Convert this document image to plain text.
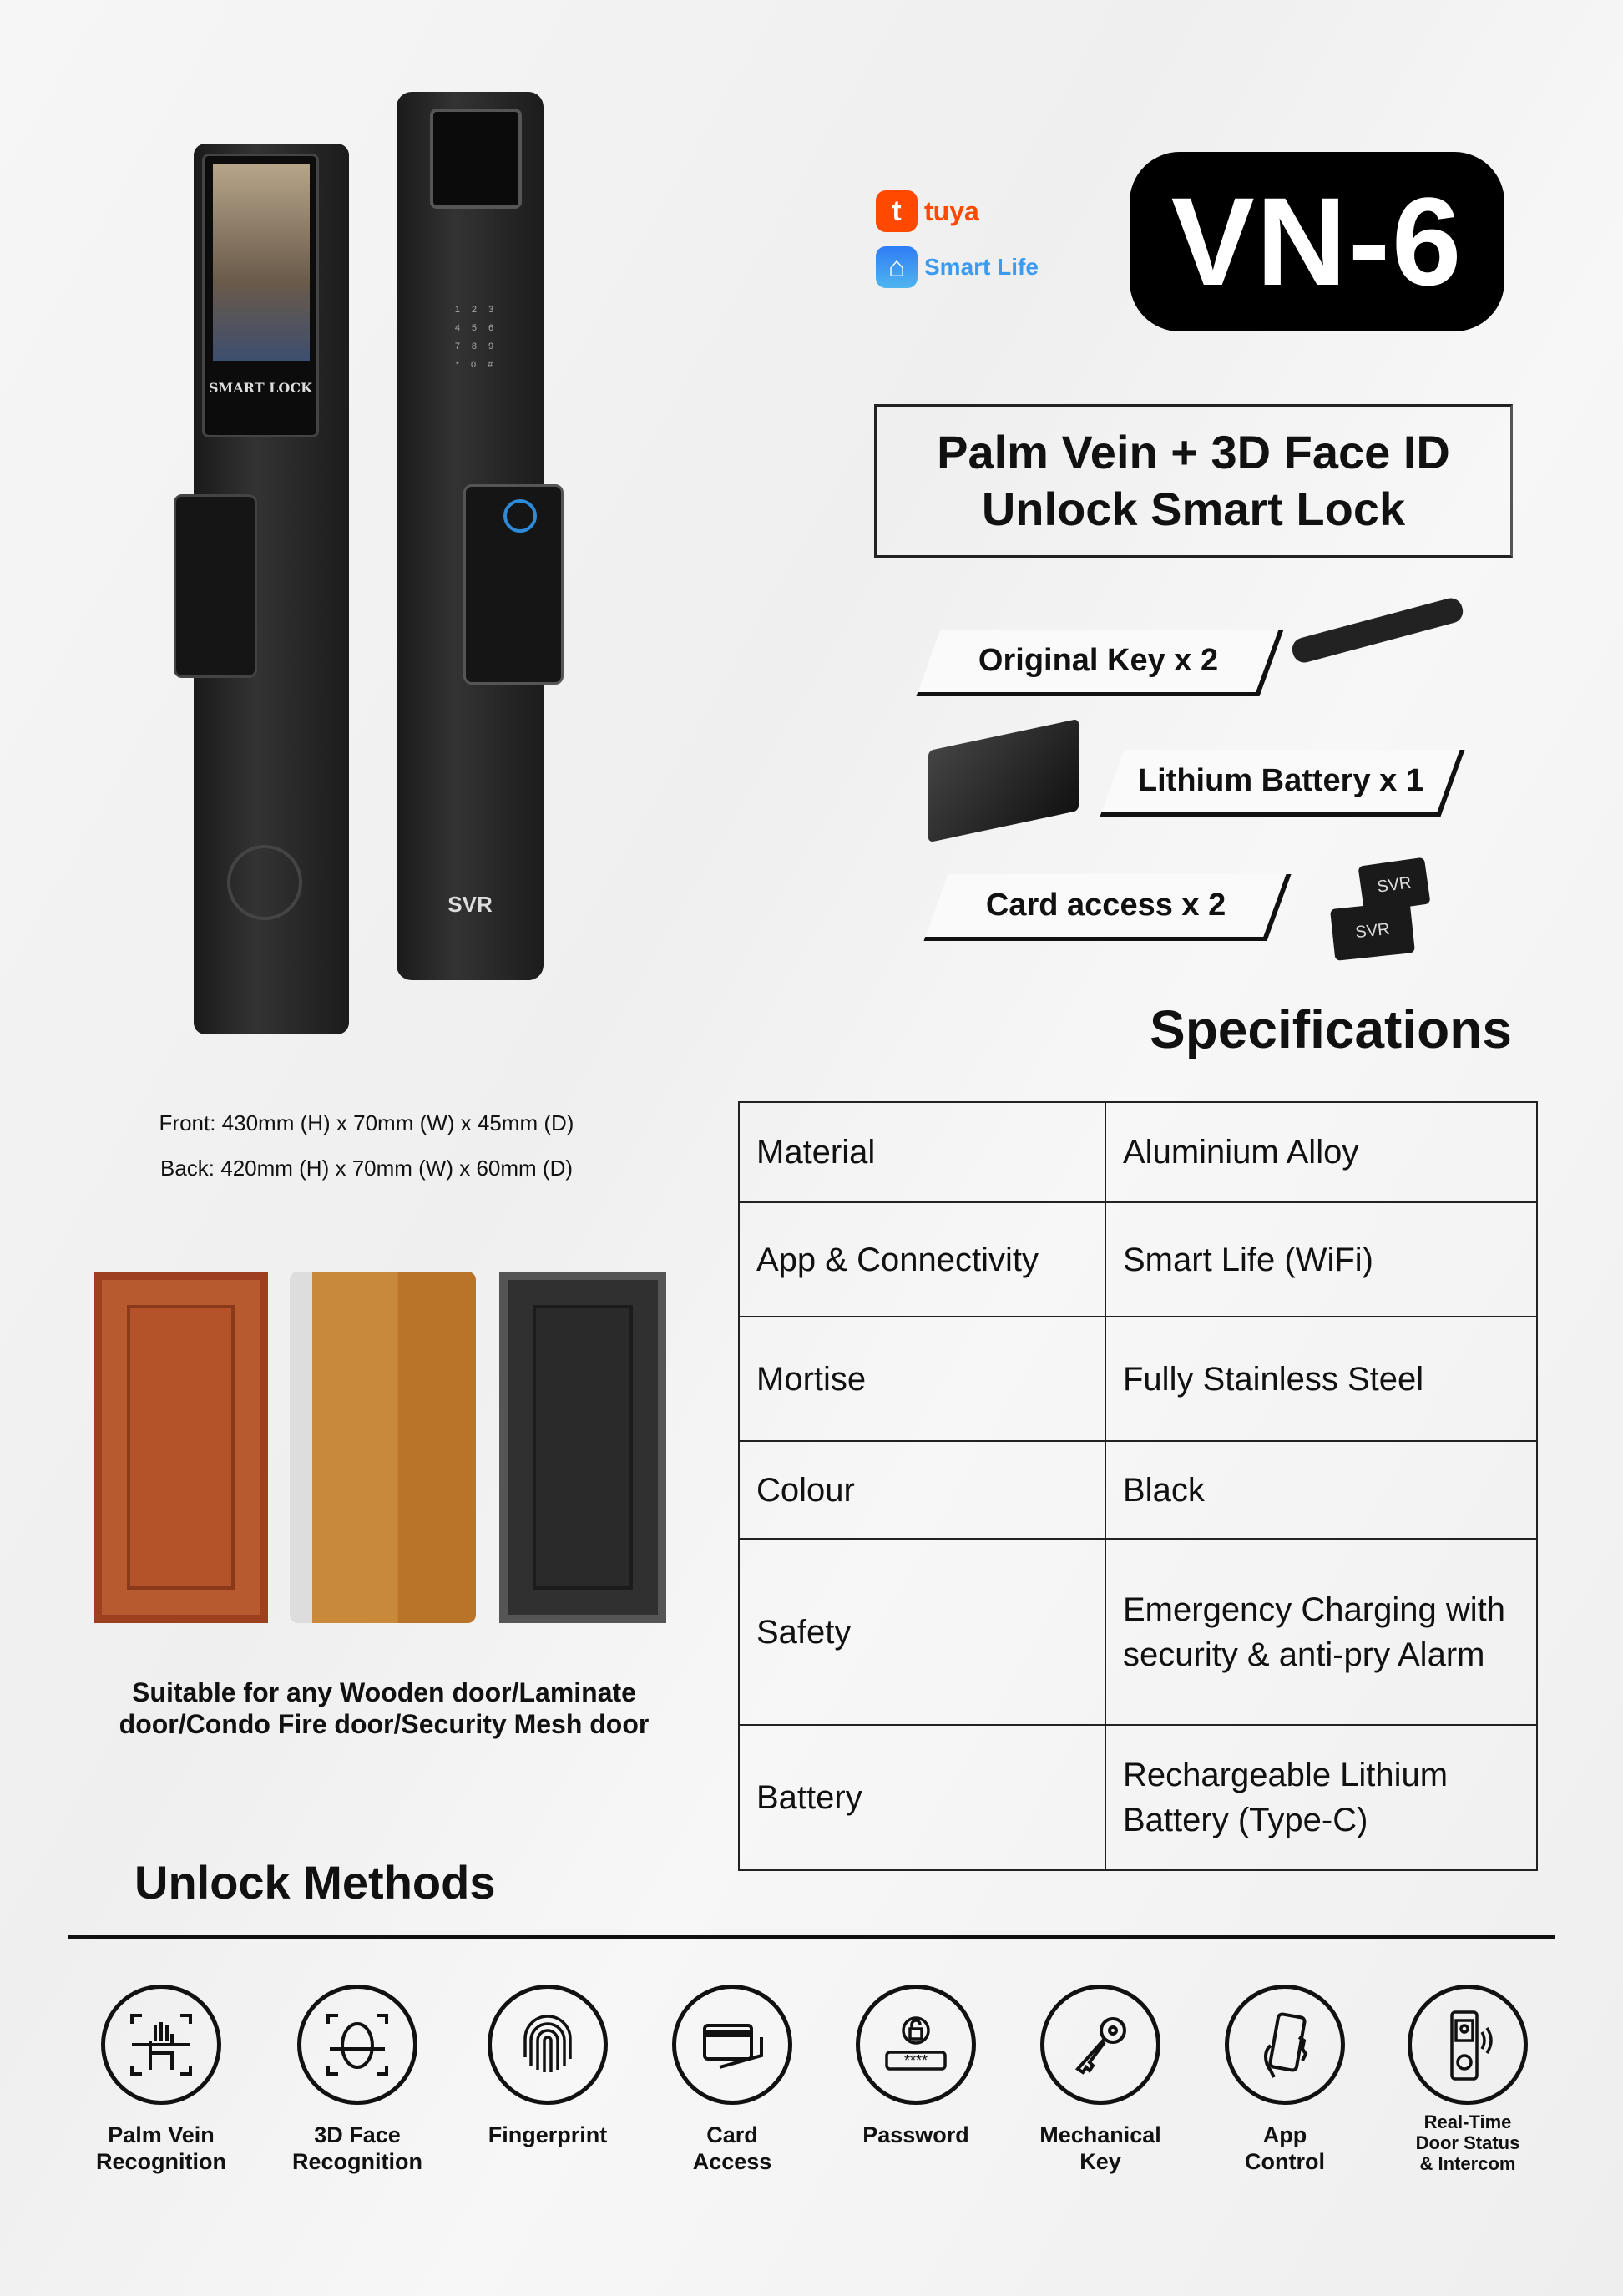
SMART LOCK
123 456 789 *0#
SVR
t tuya
⌂ Smart Life	VN-6
Palm Vein + 3D Face ID
Unlock Smart Lock
Original Key x 2
Lithium Battery x 1
Card access x 2
SVR
SVR
Specifications
Material	Aluminium Alloy
App & Connectivity	Smart Life (WiFi)
Mortise	Fully Stainless Steel
Colour	Black
Safety	Emergency Charging with security & anti-pry Alarm
Battery	Rechargeable Lithium Battery (Type-C)
Front: 430mm (H) x 70mm (W) x 45mm (D)
Back: 420mm (H) x 70mm (W) x 60mm (D)
Suitable for any Wooden door/Laminate
door/Condo Fire door/Security Mesh door
Unlock Methods
Palm Vein
Recognition
3D Face
Recognition
Fingerprint	Card
Access
****
Password	Mechanical
Key
App
Control
Real-Time
Door Status
& Intercom
